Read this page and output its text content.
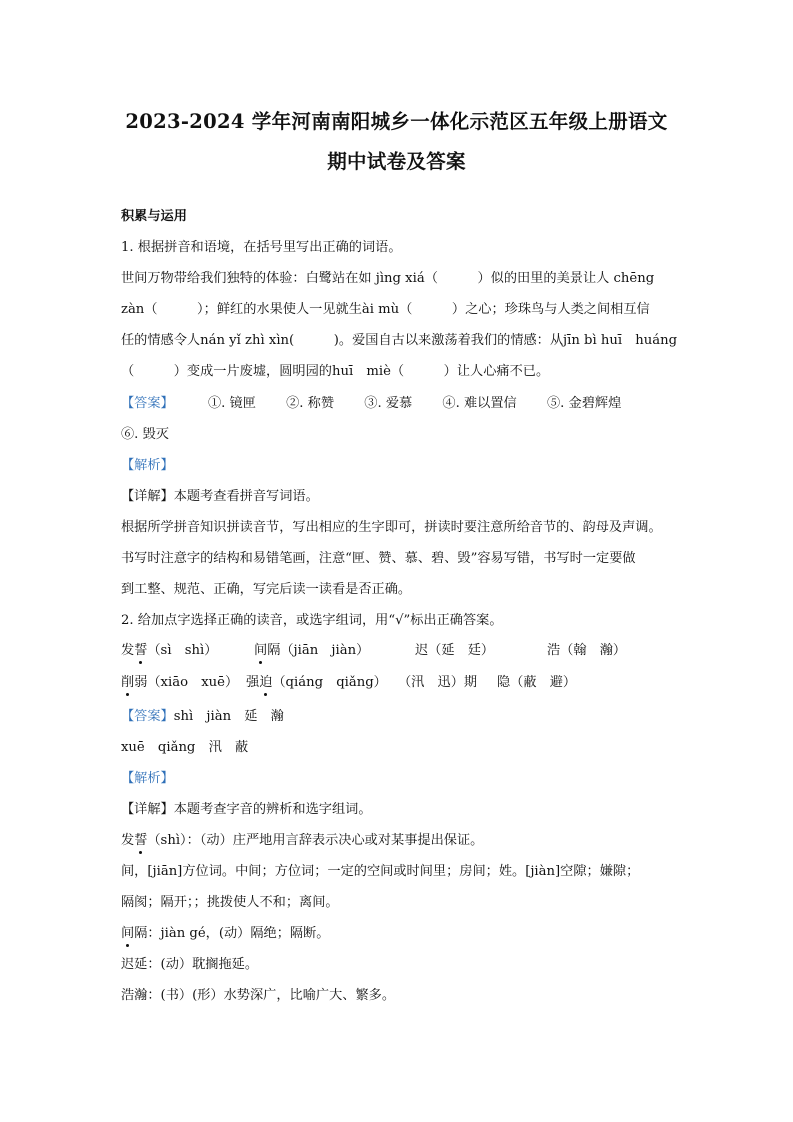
2023-2024 学年河南南阳城乡一体化示范区五年级上册语文
期中试卷及答案
积累与运用
1. 根据拼音和语境，在括号里写出正确的词语。
世间万物带给我们独特的体验：白鹭站在如 jìng xiá（　　　）似的田里的美景让人 chēng
zàn（　　　）；鲜红的水果使人一见就生ài mù（　　　）之心；珍珠鸟与人类之间相互信
任的情感令人nán yǐ zhì xìn(　　　)。爱国自古以来激荡着我们的情感：从jīn bì huī　huáng
（　　　）变成一片废墟，圆明园的huī　miè（　　　）让人心痛不已。
【答案】	①. 镜匣 ②. 称赞 ③. 爱慕 ④. 难以置信 ⑤. 金碧辉煌
⑥. 毁灭
【解析】
【详解】本题考查看拼音写词语。
根据所学拼音知识拼读音节，写出相应的生字即可，拼读时要注意所给音节的、韵母及声调。
书写时注意字的结构和易错笔画，注意“匣、赞、慕、碧、毁”容易写错，书写时一定要做
到工整、规范、正确，写完后读一读看是否正确。
2. 给加点字选择正确的读音，或选字组词，用“√”标出正确答案。
发誓（sì　shì）	间隔（jiān　jiàn）	迟（延　廷）	浩（翰　瀚）
削弱（xiāo　xuē） 强迫（qiáng　qiǎng） （汛　迅）期 隐（蔽　避）
【答案】shì　jiàn　延　瀚
xuē　qiǎng　汛　蔽
【解析】
【详解】本题考查字音的辨析和选字组词。
发誓（shì）：（动）庄严地用言辞表示决心或对某事提出保证。
间，[jiān]方位词。中间；方位词；一定的空间或时间里；房间；姓。[jiàn]空隙；嫌隙；
隔阂；隔开；；挑拨使人不和；离间。
间隔：jiàn gé，(动）隔绝；隔断。
迟延：(动）耽搁拖延。
浩瀚：(书）(形）水势深广，比喻广大、繁多。
